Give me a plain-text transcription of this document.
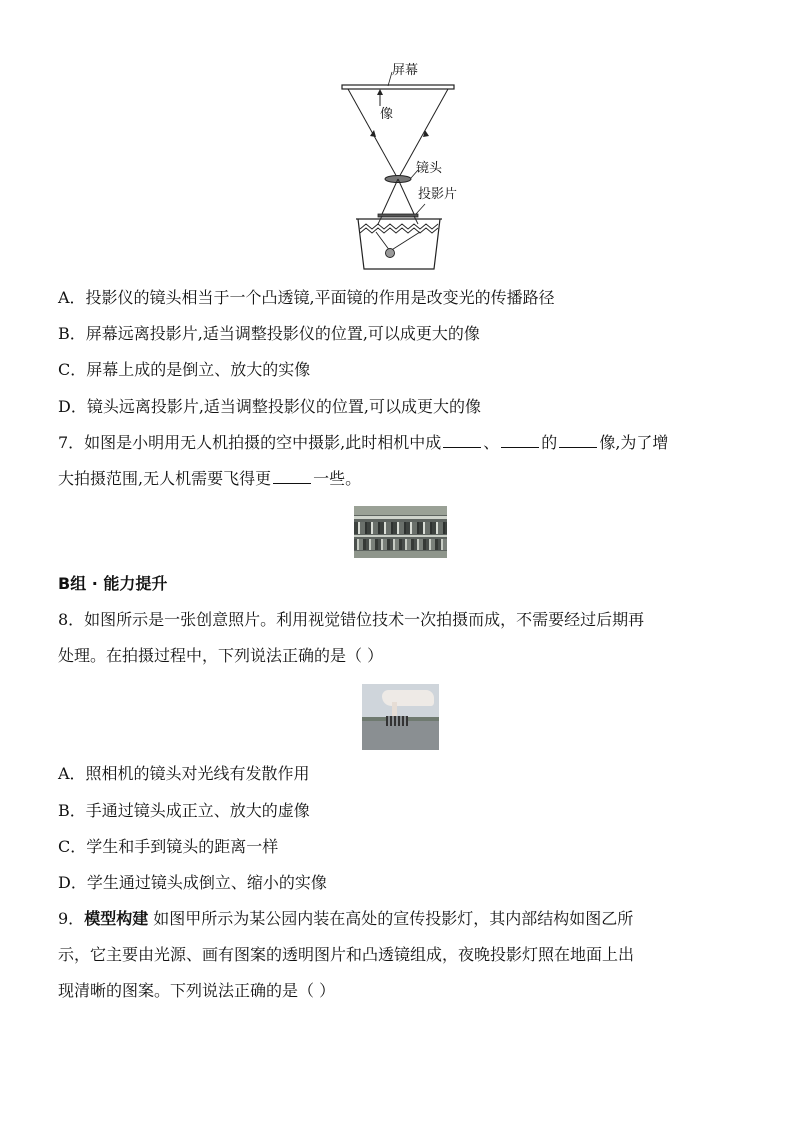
屏幕
像
镜头
投影片
A．投影仪的镜头相当于一个凸透镜,平面镜的作用是改变光的传播路径
B．屏幕远离投影片,适当调整投影仪的位置,可以成更大的像
C．屏幕上成的是倒立、放大的实像
D．镜头远离投影片,适当调整投影仪的位置,可以成更大的像
7．如图是小明用无人机拍摄的空中摄影,此时相机中成	、	的	像,为了增
大拍摄范围,无人机需要飞得更	一些。
B组 · 能力提升
8．如图所示是一张创意照片。利用视觉错位技术一次拍摄而成，不需要经过后期再
处理。在拍摄过程中，下列说法正确的是（ ）
A．照相机的镜头对光线有发散作用
B．手通过镜头成正立、放大的虚像
C．学生和手到镜头的距离一样
D．学生通过镜头成倒立、缩小的实像
9．模型构建 如图甲所示为某公园内装在高处的宣传投影灯，其内部结构如图乙所
示，它主要由光源、画有图案的透明图片和凸透镜组成，夜晚投影灯照在地面上出
现清晰的图案。下列说法正确的是（ ）
